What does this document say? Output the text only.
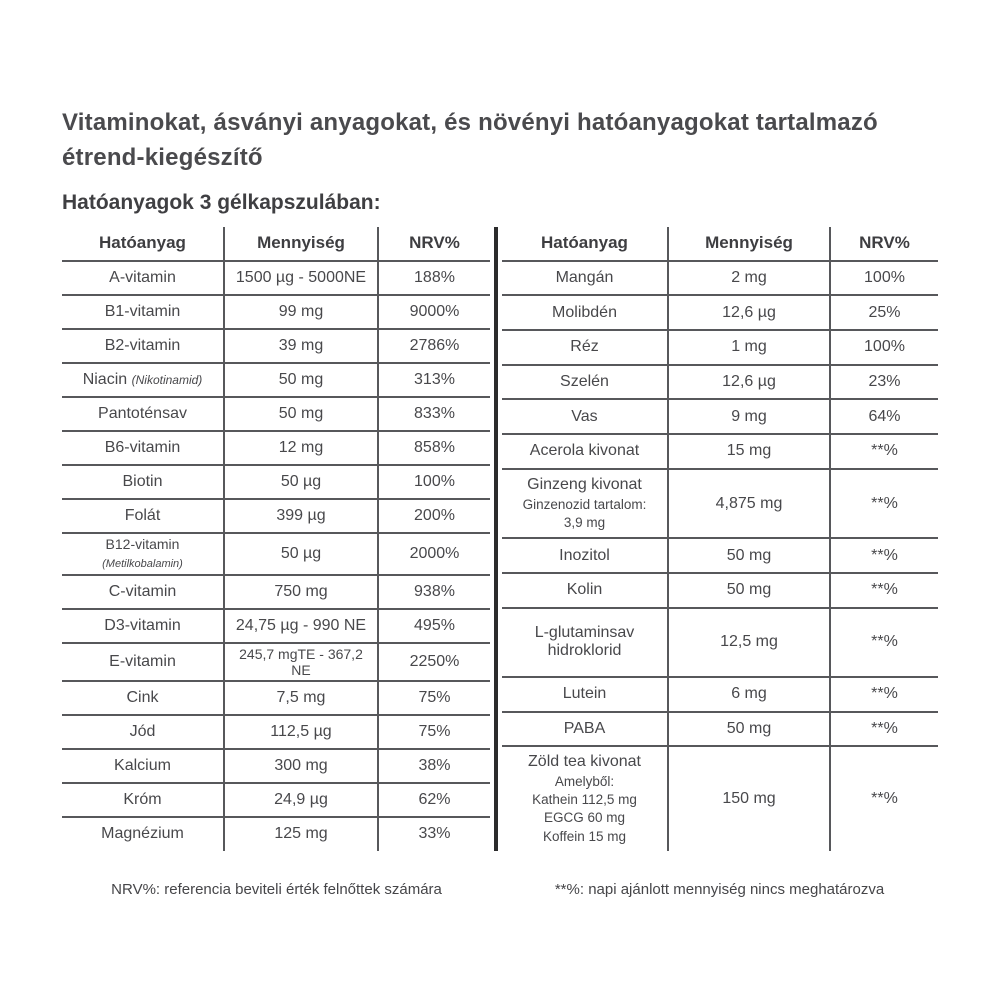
Vitaminokat, ásványi anyagokat, és növényi hatóanyagokat tartalmazó étrend-kiegészítő
Hatóanyagok 3 gélkapszulában:
Hatóanyag	Mennyiség	NRV%
A-vitamin	1500 µg - 5000NE	188%
B1-vitamin	99 mg	9000%
B2-vitamin	39 mg	2786%
Niacin (Nikotinamid)	50 mg	313%
Pantoténsav	50 mg	833%
B6-vitamin	12 mg	858%
Biotin	50 µg	100%
Folát	399 µg	200%
B12-vitamin (Metilkobalamin)	50 µg	2000%
C-vitamin	750 mg	938%
D3-vitamin	24,75 µg - 990 NE	495%
E-vitamin	245,7 mgTE - 367,2 NE	2250%
Cink	7,5 mg	75%
Jód	112,5 µg	75%
Kalcium	300 mg	38%
Króm	24,9 µg	62%
Magnézium	125 mg	33%
Hatóanyag	Mennyiség	NRV%
Mangán	2 mg	100%
Molibdén	12,6 µg	25%
Réz	1 mg	100%
Szelén	12,6 µg	23%
Vas	9 mg	64%
Acerola kivonat	15 mg	**%

Ginzeng kivonat
Ginzenozid tartalom:
3,9 mg	4,875 mg	**%
Inozitol	50 mg	**%
Kolin	50 mg	**%
L-glutaminsav hidroklorid	12,5 mg	**%
Lutein	6 mg	**%
PABA	50 mg	**%

Zöld tea kivonat
Amelyből:
Kathein 112,5 mg
EGCG 60 mg
Koffein 15 mg	150 mg	**%
NRV%: referencia beviteli érték felnőttek számára	**%: napi ajánlott mennyiség nincs meghatározva
